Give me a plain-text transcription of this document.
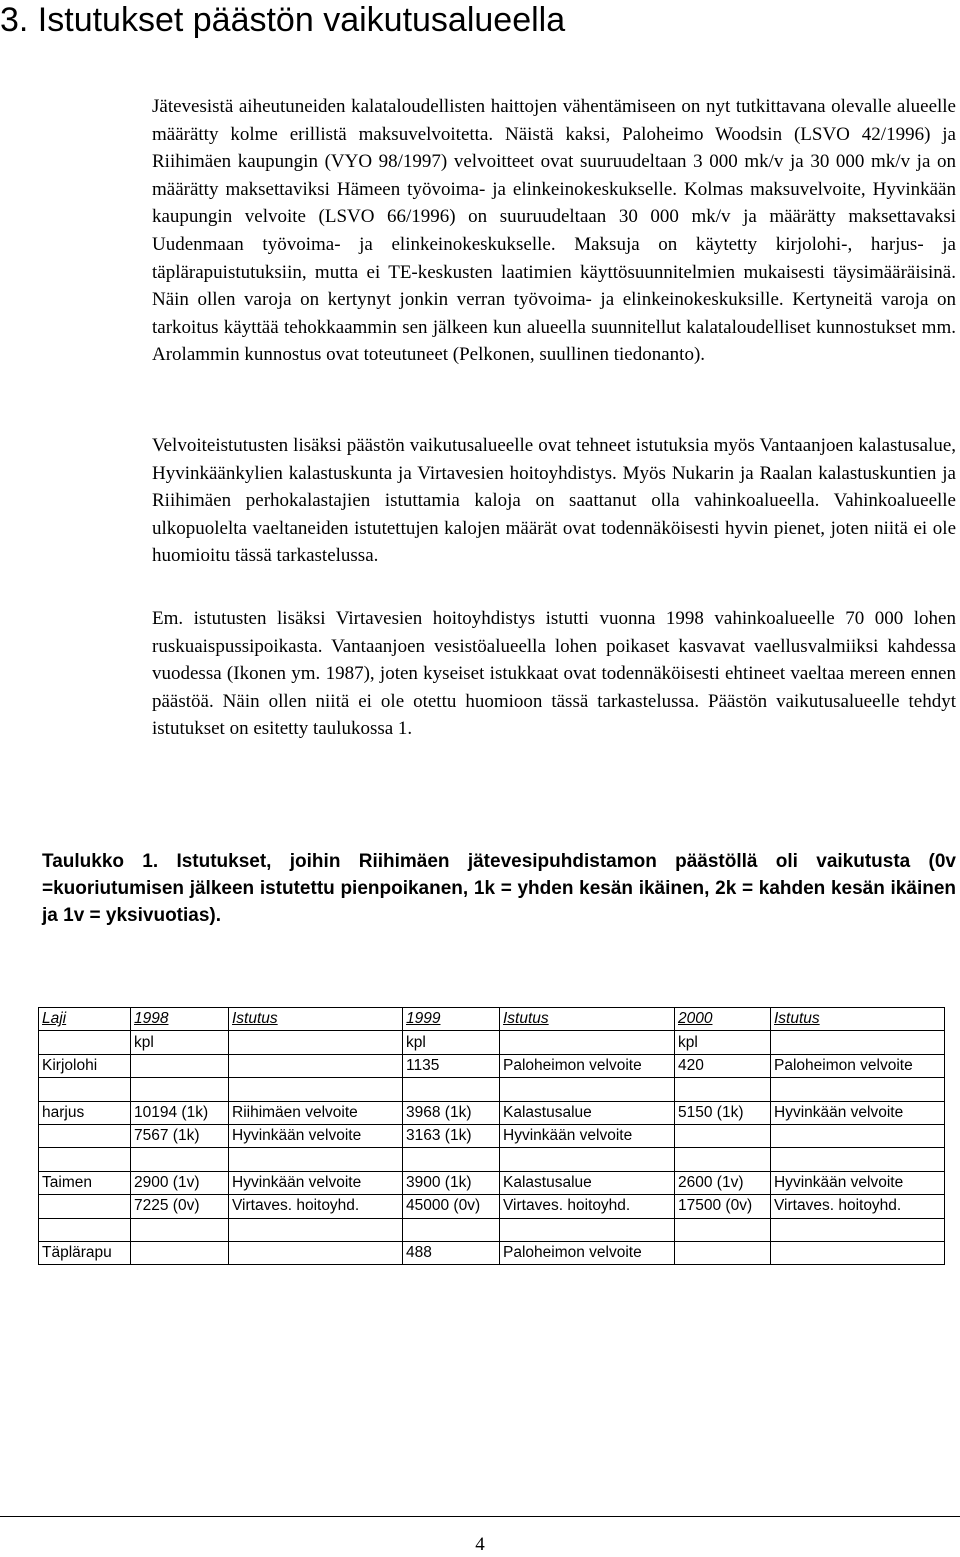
3. Istutukset päästön vaikutusalueella

Jätevesistä aiheutuneiden kalataloudellisten haittojen vähentämiseen on nyt tutkittavana olevalle alueelle määrätty kolme erillistä maksuvelvoitetta. Näistä kaksi, Paloheimo Woodsin (LSVO 42/1996) ja Riihimäen kaupungin (VYO 98/1997) velvoitteet ovat suuruudeltaan 3 000 mk/v ja 30 000 mk/v ja on määrätty maksettaviksi Hämeen työvoima- ja elinkeinokeskukselle. Kolmas maksuvelvoite, Hyvinkään kaupungin velvoite (LSVO 66/1996) on suuruudeltaan 30 000 mk/v ja määrätty maksettavaksi Uudenmaan työvoima- ja elinkeinokeskukselle. Maksuja on käytetty kirjolohi-, harjus- ja täplärapuistutuksiin, mutta ei TE-keskusten laatimien käyttösuunnitelmien mukaisesti täysimääräisinä. Näin ollen varoja on kertynyt jonkin verran työvoima- ja elinkeinokeskuksille. Kertyneitä varoja on tarkoitus käyttää tehokkaammin sen jälkeen kun alueella suunnitellut kalataloudelliset kunnostukset mm. Arolammin kunnostus ovat toteutuneet (Pelkonen, suullinen tiedonanto).

Velvoiteistutusten lisäksi päästön vaikutusalueelle ovat tehneet istutuksia myös Vantaanjoen kalastusalue, Hyvinkäänkylien kalastuskunta ja Virtavesien hoitoyhdistys. Myös Nukarin ja Raalan kalastuskuntien ja Riihimäen perhokalastajien istuttamia kaloja on saattanut olla vahinkoalueella. Vahinkoalueelle ulkopuolelta vaeltaneiden istutettujen kalojen määrät ovat todennäköisesti hyvin pienet, joten niitä ei ole huomioitu tässä tarkastelussa.

Em. istutusten lisäksi Virtavesien hoitoyhdistys istutti vuonna 1998 vahinkoalueelle 70 000 lohen ruskuaispussipoikasta. Vantaanjoen vesistöalueella lohen poikaset kasvavat vaellusvalmiiksi kahdessa vuodessa (Ikonen ym. 1987), joten kyseiset istukkaat ovat todennäköisesti ehtineet vaeltaa mereen ennen päästöä. Näin ollen niitä ei ole otettu huomioon tässä tarkastelussa. Päästön vaikutusalueelle tehdyt istutukset on esitetty taulukossa 1.

Taulukko 1. Istutukset, joihin Riihimäen jätevesipuhdistamon päästöllä oli vaikutusta (0v =kuoriutumisen jälkeen istutettu pienpoikanen, 1k = yhden kesän ikäinen, 2k = kahden kesän ikäinen ja 1v = yksivuotias).

Laji	1998	Istutus	1999	Istutus	2000	Istutus
	kpl		kpl		kpl	
Kirjolohi			1135	Paloheimon velvoite	420	Paloheimon velvoite

harjus	10194 (1k)	Riihimäen velvoite	3968 (1k)	Kalastusalue	5150 (1k)	Hyvinkään velvoite
	7567 (1k)	Hyvinkään velvoite	3163 (1k)	Hyvinkään velvoite		

Taimen	2900 (1v)	Hyvinkään velvoite	3900 (1k)	Kalastusalue	2600 (1v)	Hyvinkään velvoite
	7225 (0v)	Virtaves. hoitoyhd.	45000 (0v)	Virtaves. hoitoyhd.	17500 (0v)	Virtaves. hoitoyhd.

Täplärapu			488	Paloheimon velvoite		
4
